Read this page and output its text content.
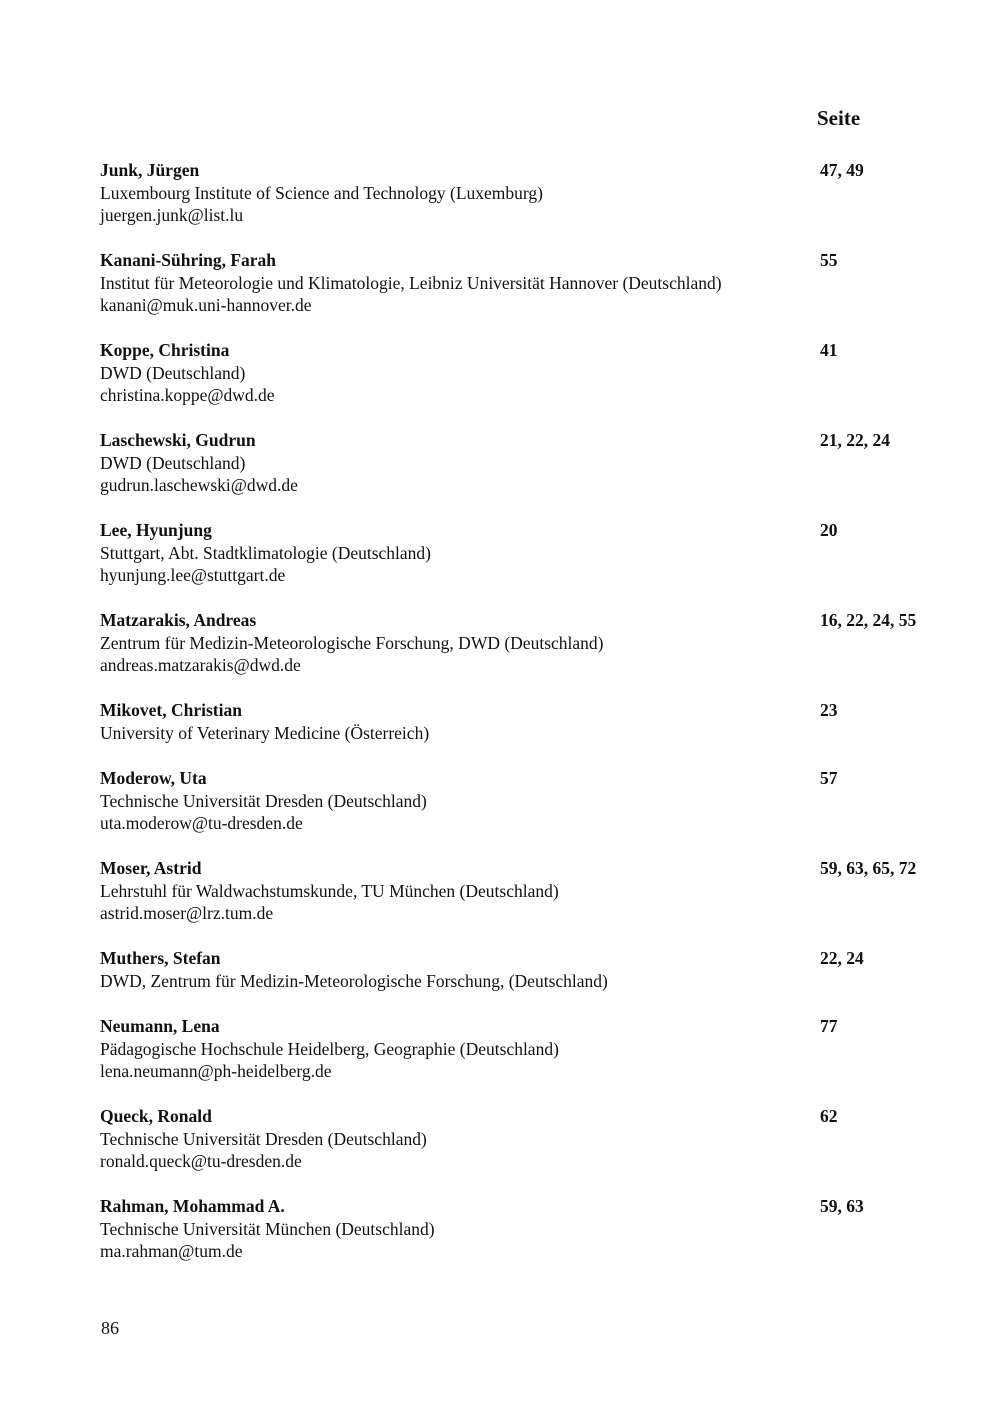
Seite
Junk, Jürgen
Luxembourg Institute of Science and Technology (Luxemburg)
juergen.junk@list.lu
47, 49
Kanani-Sühring, Farah
Institut für Meteorologie und Klimatologie, Leibniz Universität Hannover (Deutschland)
kanani@muk.uni-hannover.de
55
Koppe, Christina
DWD (Deutschland)
christina.koppe@dwd.de
41
Laschewski, Gudrun
DWD (Deutschland)
gudrun.laschewski@dwd.de
21, 22, 24
Lee, Hyunjung
Stuttgart, Abt. Stadtklimatologie (Deutschland)
hyunjung.lee@stuttgart.de
20
Matzarakis, Andreas
Zentrum für Medizin-Meteorologische Forschung, DWD (Deutschland)
andreas.matzarakis@dwd.de
16, 22, 24, 55
Mikovet, Christian
University of Veterinary Medicine (Österreich)
23
Moderow, Uta
Technische Universität Dresden (Deutschland)
uta.moderow@tu-dresden.de
57
Moser, Astrid
Lehrstuhl für Waldwachstumskunde, TU München (Deutschland)
astrid.moser@lrz.tum.de
59, 63, 65, 72
Muthers, Stefan
DWD, Zentrum für Medizin-Meteorologische Forschung, (Deutschland)
22, 24
Neumann, Lena
Pädagogische Hochschule Heidelberg, Geographie (Deutschland)
lena.neumann@ph-heidelberg.de
77
Queck, Ronald
Technische Universität Dresden (Deutschland)
ronald.queck@tu-dresden.de
62
Rahman, Mohammad A.
Technische Universität München (Deutschland)
ma.rahman@tum.de
59, 63
86
